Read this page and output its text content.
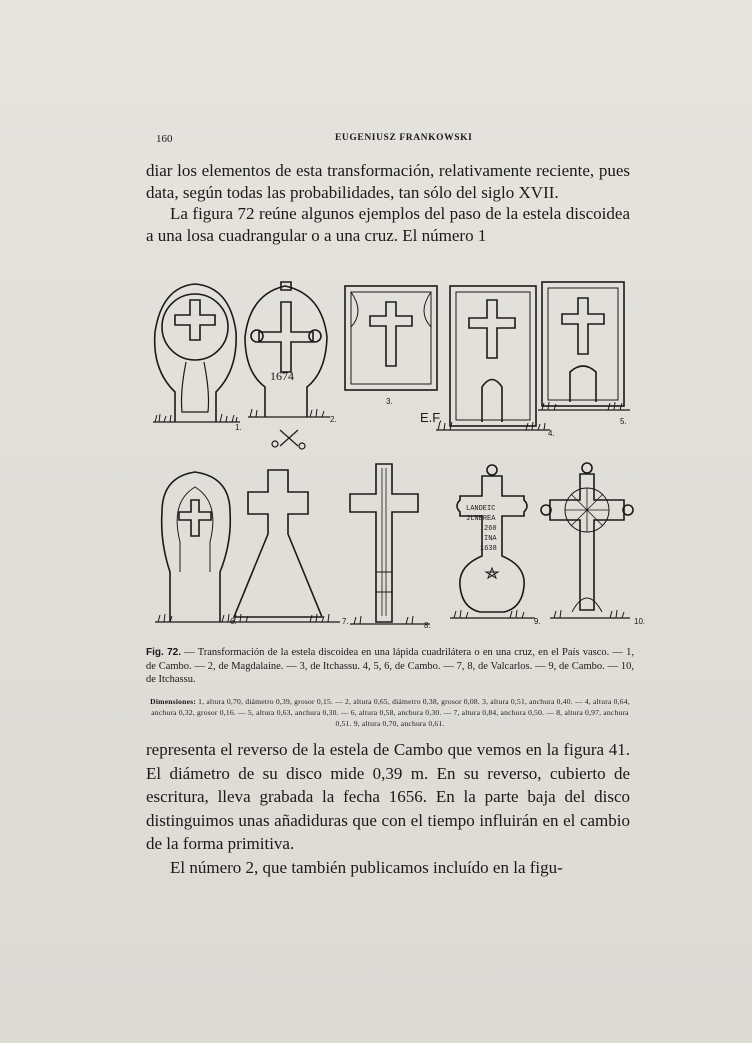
160	EUGENIUSZ FRANKOWSKI

diar los elementos de esta transformación, relativamente reciente, pues data, según todas las probabilidades, tan sólo del siglo XVII.

La figura 72 reúne algunos ejemplos del paso de la estela discoidea a una losa cuadrangular o a una cruz. El número 1

1.
1674
2.
3.
E.F.
4.
5.
6.	7.	8.
LANDEIC
JLNEREA
260
INA
1638
9.	10.
Fig. 72. — Transformación de la estela discoidea en una lápida cuadrilátera o en una cruz, en el País vasco. — 1, de Cambo. — 2, de Magdalaine. — 3, de Itchassu. 4, 5, 6, de Cambo. — 7, 8, de Valcarlos. — 9, de Cambo. — 10, de Itchassu.
Dimensiones: 1, altura 0,70, diámetro 0,39, grosor 0,15. — 2, altura 0,65, diámetro 0,38, grosor 0,08. 3, altura 0,51, anchura 0,40. — 4, altura 0,64, anchura 0,32, grosor 0,16. — 5, altura 0,63, anchura 0,30. — 6, altura 0,58, anchura 0,30. — 7, altura 0,84, anchura 0,50. — 8, altura 0,97, anchura 0,51. 9, altura 0,70, anchura 0,61.

representa el reverso de la estela de Cambo que vemos en la figura 41. El diámetro de su disco mide 0,39 m. En su reverso, cubierto de escritura, lleva grabada la fecha 1656. En la parte baja del disco distinguimos unas añadiduras que con el tiempo influirán en el cambio de la forma primitiva.

El número 2, que también publicamos incluído en la figu-
